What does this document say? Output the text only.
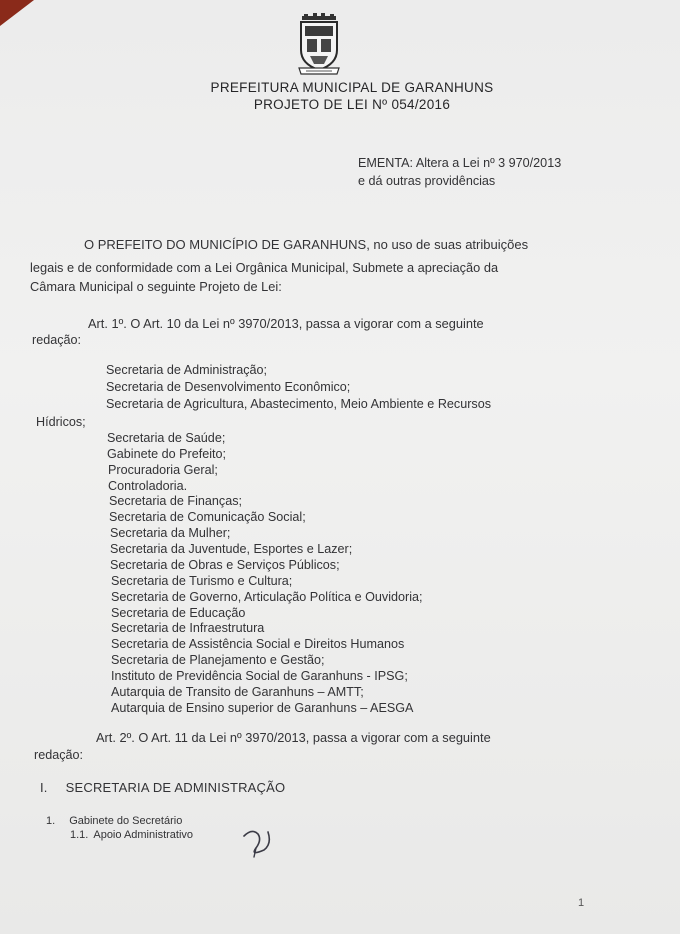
PREFEITURA MUNICIPAL DE GARANHUNS
PROJETO DE LEI Nº 054/2016
EMENTA: Altera a Lei nº 3 970/2013
e dá outras providências
O PREFEITO DO MUNICÍPIO DE GARANHUNS, no uso de suas atribuições
legais e de conformidade com a Lei Orgânica Municipal, Submete a apreciação da
Câmara Municipal o seguinte Projeto de Lei:
Art. 1º. O Art. 10 da Lei nº 3970/2013, passa a vigorar com a seguinte
redação:
Secretaria de Administração;
Secretaria de Desenvolvimento Econômico;
Secretaria de Agricultura, Abastecimento, Meio Ambiente e Recursos
Hídricos;
Secretaria de Saúde;
Gabinete do Prefeito;
Procuradoria Geral;
Controladoria.
Secretaria de Finanças;
Secretaria de Comunicação Social;
Secretaria da Mulher;
Secretaria da Juventude, Esportes e Lazer;
Secretaria de Obras e Serviços Públicos;
Secretaria de Turismo e Cultura;
Secretaria de Governo, Articulação Política e Ouvidoria;
Secretaria de Educação
Secretaria de Infraestrutura
Secretaria de Assistência Social e Direitos Humanos
Secretaria de Planejamento e Gestão;
Instituto de Previdência Social de Garanhuns - IPSG;
Autarquia de Transito de Garanhuns – AMTT;
Autarquia de Ensino superior de Garanhuns – AESGA
Art. 2º. O Art. 11 da Lei nº 3970/2013, passa a vigorar com a seguinte
redação:
I. SECRETARIA DE ADMINISTRAÇÃO
1. Gabinete do Secretário
1.1. Apoio Administrativo
1
